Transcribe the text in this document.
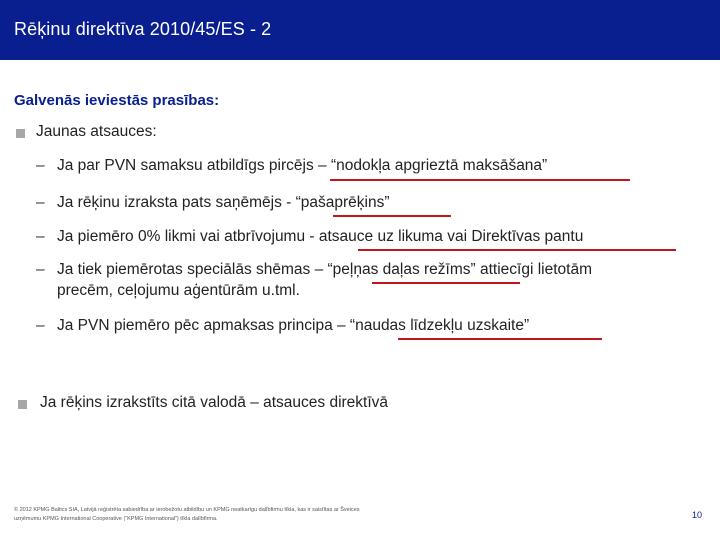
Rēķinu direktīva 2010/45/ES - 2
Galvenās ieviestās prasības:
Jaunas atsauces:
– Ja par PVN samaksu atbildīgs pircējs – “nodokļa apgrieztā maksāšana”
– Ja rēķinu izraksta pats saņēmējs - “pašaprēķins”
– Ja piemēro 0% likmi vai atbrīvojumu - atsauce uz likuma vai Direktīvas pantu
– Ja tiek piemērotas speciālās shēmas – “peļņas daļas režīms” attiecīgi lietotām
precēm, ceļojumu aģentūrām u.tml.
– Ja PVN piemēro pēc apmaksas principa – “naudas līdzekļu uzskaite”
Ja rēķins izrakstīts citā valodā – atsauces direktīvā
© 2012 KPMG Baltics SIA, Latvijā reģistrēta sabiedrība ar ierobežotu atbildību un KPMG neatkarīgu dalībfirmu tīkla, kas ir saistītas ar Šveices
uzņēmumu KPMG International Cooperative (“KPMG International”) tīkla dalībfirma.	10
